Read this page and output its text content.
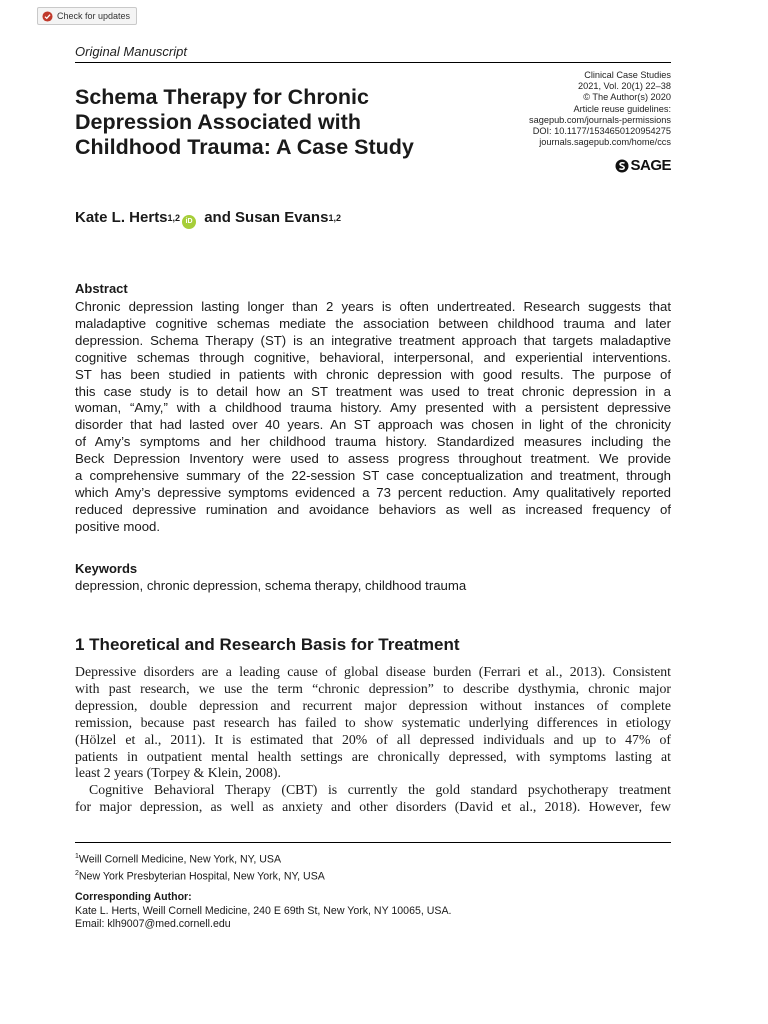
Check for updates
Original Manuscript
Clinical Case Studies
2021, Vol. 20(1) 22–38
© The Author(s) 2020
Article reuse guidelines:
sagepub.com/journals-permissions
DOI: 10.1177/1534650120954275
journals.sagepub.com/home/ccs
SAGE
Schema Therapy for Chronic
Depression Associated with
Childhood Trauma: A Case Study
Kate L. Herts$^{1,2}$ iD and Susan Evans$^{1,2}$
Abstract
Chronic depression lasting longer than 2 years is often undertreated. Research suggests that
maladaptive cognitive schemas mediate the association between childhood trauma and later
depression. Schema Therapy (ST) is an integrative treatment approach that targets maladaptive
cognitive schemas through cognitive, behavioral, interpersonal, and experiential interventions.
ST has been studied in patients with chronic depression with good results. The purpose of
this case study is to detail how an ST treatment was used to treat chronic depression in a
woman, “Amy,” with a childhood trauma history. Amy presented with a persistent depressive
disorder that had lasted over 40 years. An ST approach was chosen in light of the chronicity
of Amy’s symptoms and her childhood trauma history. Standardized measures including the
Beck Depression Inventory were used to assess progress throughout treatment. We provide
a comprehensive summary of the 22-session ST case conceptualization and treatment, through
which Amy’s depressive symptoms evidenced a 73 percent reduction. Amy qualitatively reported
reduced depressive rumination and avoidance behaviors as well as increased frequency of
positive mood.
Keywords
depression, chronic depression, schema therapy, childhood trauma
1 Theoretical and Research Basis for Treatment
Depressive disorders are a leading cause of global disease burden (Ferrari et al., 2013). Consistent
with past research, we use the term “chronic depression” to describe dysthymia, chronic major
depression, double depression and recurrent major depression without instances of complete
remission, because past research has failed to show systematic underlying differences in etiology
(Hölzel et al., 2011). It is estimated that 20% of all depressed individuals and up to 47% of
patients in outpatient mental health settings are chronically depressed, with symptoms lasting at
least 2 years (Torpey & Klein, 2008).
Cognitive Behavioral Therapy (CBT) is currently the gold standard psychotherapy treatment
for major depression, as well as anxiety and other disorders (David et al., 2018). However, few
$^1$Weill Cornell Medicine, New York, NY, USA
$^2$New York Presbyterian Hospital, New York, NY, USA
Corresponding Author:
Kate L. Herts, Weill Cornell Medicine, 240 E 69th St, New York, NY 10065, USA.
Email: klh9007@med.cornell.edu
